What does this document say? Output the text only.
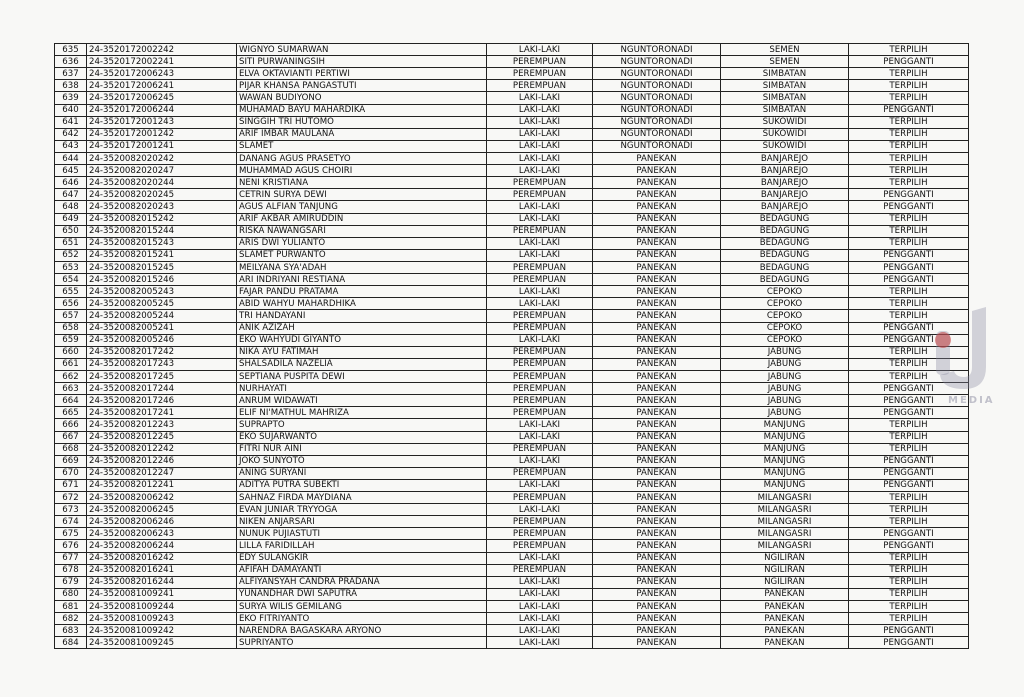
635	24-3520172002242	WIGNYO SUMARWAN	LAKI-LAKI	NGUNTORONADI	SEMEN	TERPILIH
636	24-3520172002241	SITI PURWANINGSIH	PEREMPUAN	NGUNTORONADI	SEMEN	PENGGANTI
637	24-3520172006243	ELVA OKTAVIANTI PERTIWI	PEREMPUAN	NGUNTORONADI	SIMBATAN	TERPILIH
638	24-3520172006241	PIJAR KHANSA PANGASTUTI	PEREMPUAN	NGUNTORONADI	SIMBATAN	TERPILIH
639	24-3520172006245	WAWAN BUDIYONO	LAKI-LAKI	NGUNTORONADI	SIMBATAN	TERPILIH
640	24-3520172006244	MUHAMAD BAYU MAHARDIKA	LAKI-LAKI	NGUNTORONADI	SIMBATAN	PENGGANTI
641	24-3520172001243	SINGGIH TRI HUTOMO	LAKI-LAKI	NGUNTORONADI	SUKOWIDI	TERPILIH
642	24-3520172001242	ARIF IMBAR MAULANA	LAKI-LAKI	NGUNTORONADI	SUKOWIDI	TERPILIH
643	24-3520172001241	SLAMET	LAKI-LAKI	NGUNTORONADI	SUKOWIDI	TERPILIH
644	24-3520082020242	DANANG AGUS PRASETYO	LAKI-LAKI	PANEKAN	BANJAREJO	TERPILIH
645	24-3520082020247	MUHAMMAD AGUS CHOIRI	LAKI-LAKI	PANEKAN	BANJAREJO	TERPILIH
646	24-3520082020244	NENI KRISTIANA	PEREMPUAN	PANEKAN	BANJAREJO	TERPILIH
647	24-3520082020245	CETRIN SURYA DEWI	PEREMPUAN	PANEKAN	BANJAREJO	PENGGANTI
648	24-3520082020243	AGUS ALFIAN TANJUNG	LAKI-LAKI	PANEKAN	BANJAREJO	PENGGANTI
649	24-3520082015242	ARIF AKBAR AMIRUDDIN	LAKI-LAKI	PANEKAN	BEDAGUNG	TERPILIH
650	24-3520082015244	RISKA NAWANGSARI	PEREMPUAN	PANEKAN	BEDAGUNG	TERPILIH
651	24-3520082015243	ARIS DWI YULIANTO	LAKI-LAKI	PANEKAN	BEDAGUNG	TERPILIH
652	24-3520082015241	SLAMET PURWANTO	LAKI-LAKI	PANEKAN	BEDAGUNG	PENGGANTI
653	24-3520082015245	MEILYANA SYA'ADAH	PEREMPUAN	PANEKAN	BEDAGUNG	PENGGANTI
654	24-3520082015246	ARI INDRIYANI RESTIANA	PEREMPUAN	PANEKAN	BEDAGUNG	PENGGANTI
655	24-3520082005243	FAJAR PANDU PRATAMA	LAKI-LAKI	PANEKAN	CEPOKO	TERPILIH
656	24-3520082005245	ABID WAHYU MAHARDHIKA	LAKI-LAKI	PANEKAN	CEPOKO	TERPILIH
657	24-3520082005244	TRI HANDAYANI	PEREMPUAN	PANEKAN	CEPOKO	TERPILIH
658	24-3520082005241	ANIK AZIZAH	PEREMPUAN	PANEKAN	CEPOKO	PENGGANTI
659	24-3520082005246	EKO WAHYUDI GIYANTO	LAKI-LAKI	PANEKAN	CEPOKO	PENGGANTI
660	24-3520082017242	NIKA AYU FATIMAH	PEREMPUAN	PANEKAN	JABUNG	TERPILIH
661	24-3520082017243	SHALSADILA NAZELIA	PEREMPUAN	PANEKAN	JABUNG	TERPILIH
662	24-3520082017245	SEPTIANA PUSPITA DEWI	PEREMPUAN	PANEKAN	JABUNG	TERPILIH
663	24-3520082017244	NURHAYATI	PEREMPUAN	PANEKAN	JABUNG	PENGGANTI
664	24-3520082017246	ANRUM WIDAWATI	PEREMPUAN	PANEKAN	JABUNG	PENGGANTI
665	24-3520082017241	ELIF NI'MATHUL MAHRIZA	PEREMPUAN	PANEKAN	JABUNG	PENGGANTI
666	24-3520082012243	SUPRAPTO	LAKI-LAKI	PANEKAN	MANJUNG	TERPILIH
667	24-3520082012245	EKO SUJARWANTO	LAKI-LAKI	PANEKAN	MANJUNG	TERPILIH
668	24-3520082012242	FITRI NUR AINI	PEREMPUAN	PANEKAN	MANJUNG	TERPILIH
669	24-3520082012246	JOKO SUNYOTO	LAKI-LAKI	PANEKAN	MANJUNG	PENGGANTI
670	24-3520082012247	ANING SURYANI	PEREMPUAN	PANEKAN	MANJUNG	PENGGANTI
671	24-3520082012241	ADITYA PUTRA SUBEKTI	LAKI-LAKI	PANEKAN	MANJUNG	PENGGANTI
672	24-3520082006242	SAHNAZ FIRDA MAYDIANA	PEREMPUAN	PANEKAN	MILANGASRI	TERPILIH
673	24-3520082006245	EVAN JUNIAR TRYYOGA	LAKI-LAKI	PANEKAN	MILANGASRI	TERPILIH
674	24-3520082006246	NIKEN ANJARSARI	PEREMPUAN	PANEKAN	MILANGASRI	TERPILIH
675	24-3520082006243	NUNUK PUJIASTUTI	PEREMPUAN	PANEKAN	MILANGASRI	PENGGANTI
676	24-3520082006244	LILLA FARIDILLAH	PEREMPUAN	PANEKAN	MILANGASRI	PENGGANTI
677	24-3520082016242	EDY SULANGKIR	LAKI-LAKI	PANEKAN	NGILIRAN	TERPILIH
678	24-3520082016241	AFIFAH DAMAYANTI	PEREMPUAN	PANEKAN	NGILIRAN	TERPILIH
679	24-3520082016244	ALFIYANSYAH CANDRA PRADANA	LAKI-LAKI	PANEKAN	NGILIRAN	TERPILIH
680	24-3520081009241	YUNANDHAR DWI SAPUTRA	LAKI-LAKI	PANEKAN	PANEKAN	TERPILIH
681	24-3520081009244	SURYA WILIS GEMILANG	LAKI-LAKI	PANEKAN	PANEKAN	TERPILIH
682	24-3520081009243	EKO FITRIYANTO	LAKI-LAKI	PANEKAN	PANEKAN	TERPILIH
683	24-3520081009242	NARENDRA BAGASKARA ARYONO	LAKI-LAKI	PANEKAN	PANEKAN	PENGGANTI
684	24-3520081009245	SUPRIYANTO	LAKI-LAKI	PANEKAN	PANEKAN	PENGGANTI
MEDIA
